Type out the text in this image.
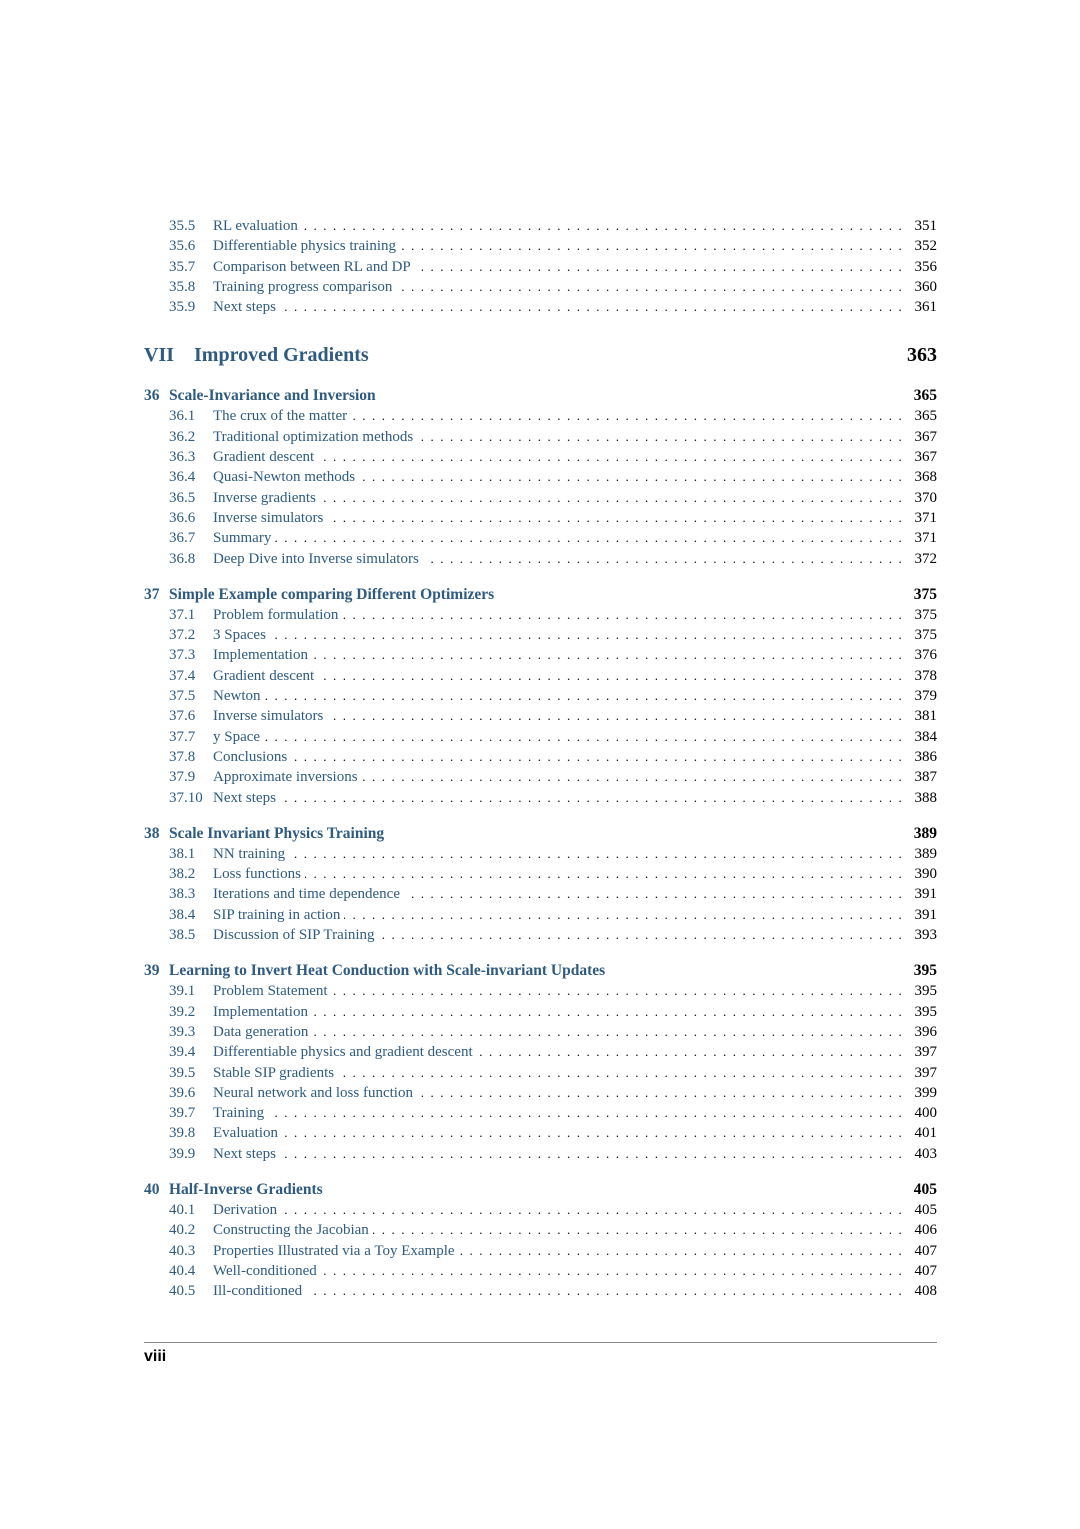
35.5	RL evaluation . .	351
35.6	Differentiable physics training . .	352
35.7	Comparison between RL and DP . .	356
35.8	Training progress comparison . .	360
35.9	Next steps . .	361
VII Improved Gradients	363
36 Scale-Invariance and Inversion	365
36.1	The crux of the matter . .	365
36.2	Traditional optimization methods . .	367
36.3	Gradient descent . .	367
36.4	Quasi-Newton methods . .	368
36.5	Inverse gradients . .	370
36.6	Inverse simulators . .	371
36.7	Summary . .	371
36.8	Deep Dive into Inverse simulators . .	372
37 Simple Example comparing Different Optimizers	375
37.1	Problem formulation . .	375
37.2	3 Spaces . .	375
37.3	Implementation . .	376
37.4	Gradient descent . .	378
37.5	Newton . .	379
37.6	Inverse simulators . .	381
37.7	y Space . .	384
37.8	Conclusions . .	386
37.9	Approximate inversions . .	387
37.10 Next steps . .	388
38 Scale Invariant Physics Training	389
38.1	NN training . .	389
38.2	Loss functions . .	390
38.3	Iterations and time dependence . .	391
38.4	SIP training in action . .	391
38.5	Discussion of SIP Training . .	393
39 Learning to Invert Heat Conduction with Scale-invariant Updates	395
39.1	Problem Statement . .	395
39.2	Implementation . .	395
39.3	Data generation . .	396
39.4	Differentiable physics and gradient descent . .	397
39.5	Stable SIP gradients . .	397
39.6	Neural network and loss function . .	399
39.7	Training . .	400
39.8	Evaluation . .	401
39.9	Next steps . .	403
40 Half-Inverse Gradients	405
40.1	Derivation . .	405
40.2	Constructing the Jacobian . .	406
40.3	Properties Illustrated via a Toy Example . .	407
40.4	Well-conditioned . .	407
40.5	Ill-conditioned . .	408
viii
